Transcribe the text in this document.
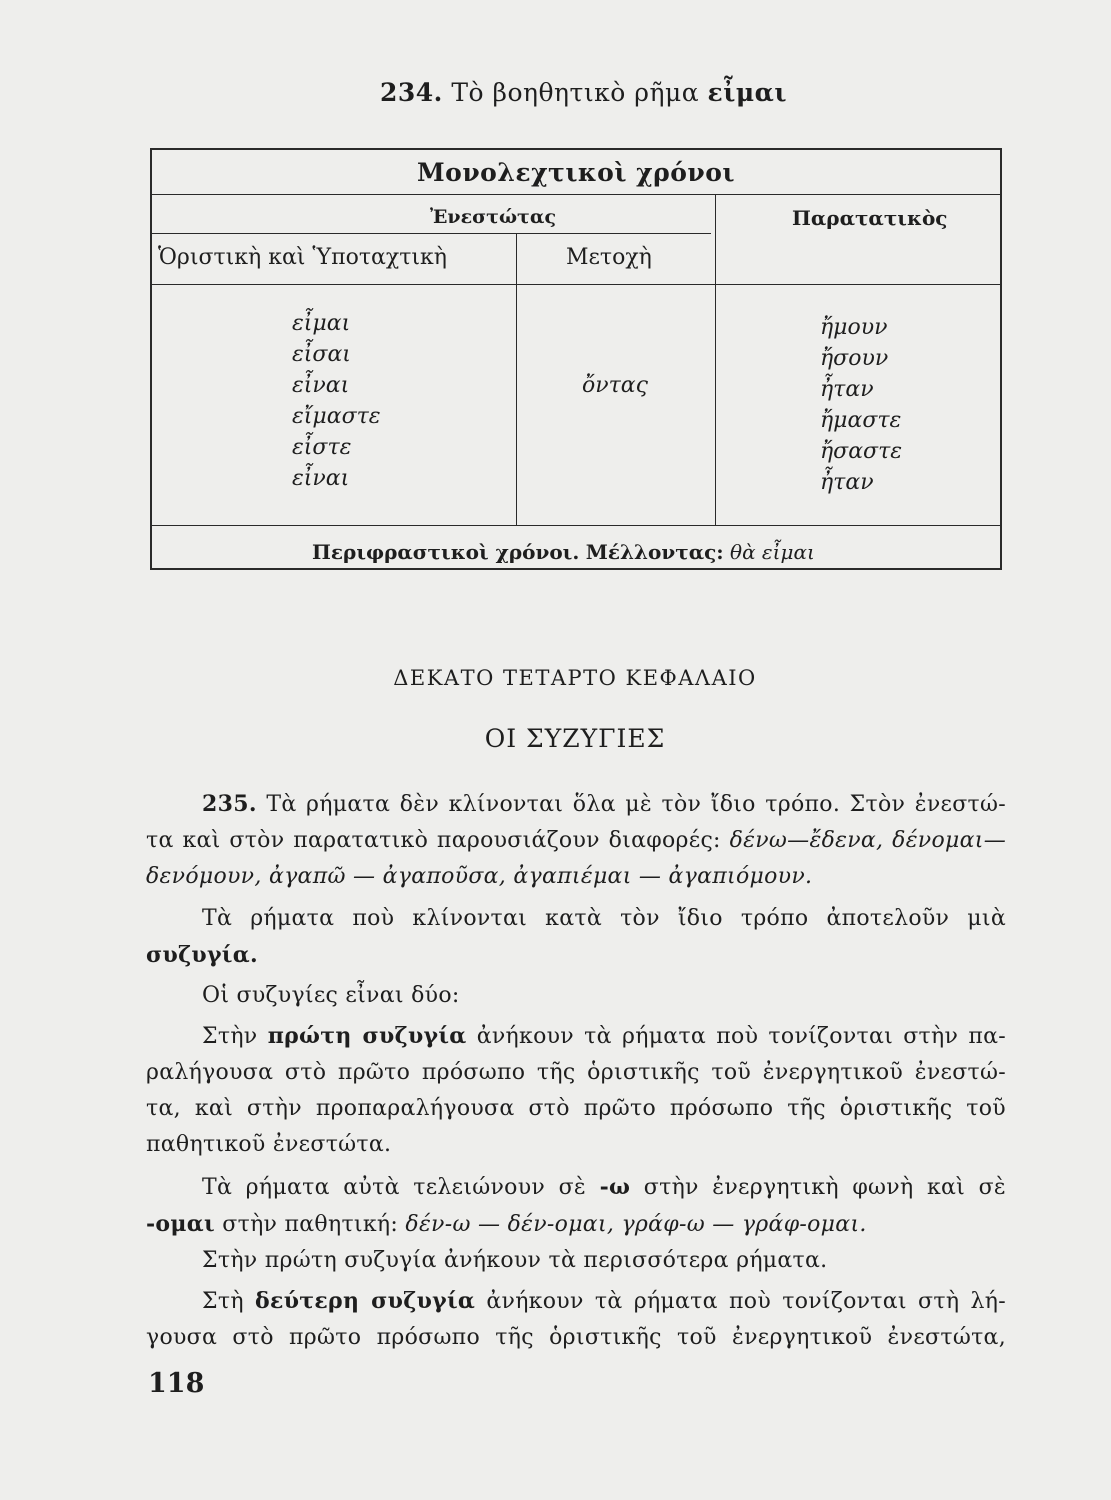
234. Τὸ βοηθητικὸ ρῆμα εἶμαι
Μονολεχτικοὶ χρόνοι
Ἐνεστώτας	Παρατατικὸς
Ὁριστικὴ καὶ Ὑποταχτικὴ	Μετοχὴ
εἶμαι
εἶσαι
εἶναι
εἴμαστε
εἶστε
εἶναι
ὄντας
ἤμουν
ἤσουν
ἦταν
ἤμαστε
ἤσαστε
ἦταν
Περιφραστικοὶ χρόνοι. Μέλλοντας: θὰ εἶμαι
ΔΕΚΑΤΟ ΤΕΤΑΡΤΟ ΚΕΦΑΛΑΙΟ
ΟΙ ΣΥΖΥΓΙΕΣ

235. Τὰ ρήματα δὲν κλίνονται ὅλα μὲ τὸν ἴδιο τρόπο. Στὸν ἐνεστώ-

τα καὶ στὸν παρατατικὸ παρουσιάζουν διαφορές: δένω—ἔδενα, δένομαι—

δενόμουν, ἀγαπῶ — ἀγαποῦσα, ἀγαπιέμαι — ἀγαπιόμουν.

Τὰ ρήματα ποὺ κλίνονται κατὰ τὸν ἴδιο τρόπο ἀποτελοῦν μιὰ

συζυγία.

Οἱ συζυγίες εἶναι δύο:

Στὴν πρώτη συζυγία ἀνήκουν τὰ ρήματα ποὺ τονίζονται στὴν πα-

ραλήγουσα στὸ πρῶτο πρόσωπο τῆς ὁριστικῆς τοῦ ἐνεργητικοῦ ἐνεστώ-

τα, καὶ στὴν προπαραλήγουσα στὸ πρῶτο πρόσωπο τῆς ὁριστικῆς τοῦ

παθητικοῦ ἐνεστώτα.

Τὰ ρήματα αὐτὰ τελειώνουν σὲ -ω στὴν ἐνεργητικὴ φωνὴ καὶ σὲ

-ομαι στὴν παθητική: δέν-ω — δέν-ομαι, γράφ-ω — γράφ-ομαι.

Στὴν πρώτη συζυγία ἀνήκουν τὰ περισσότερα ρήματα.

Στὴ δεύτερη συζυγία ἀνήκουν τὰ ρήματα ποὺ τονίζονται στὴ λή-

γουσα στὸ πρῶτο πρόσωπο τῆς ὁριστικῆς τοῦ ἐνεργητικοῦ ἐνεστώτα,

118
